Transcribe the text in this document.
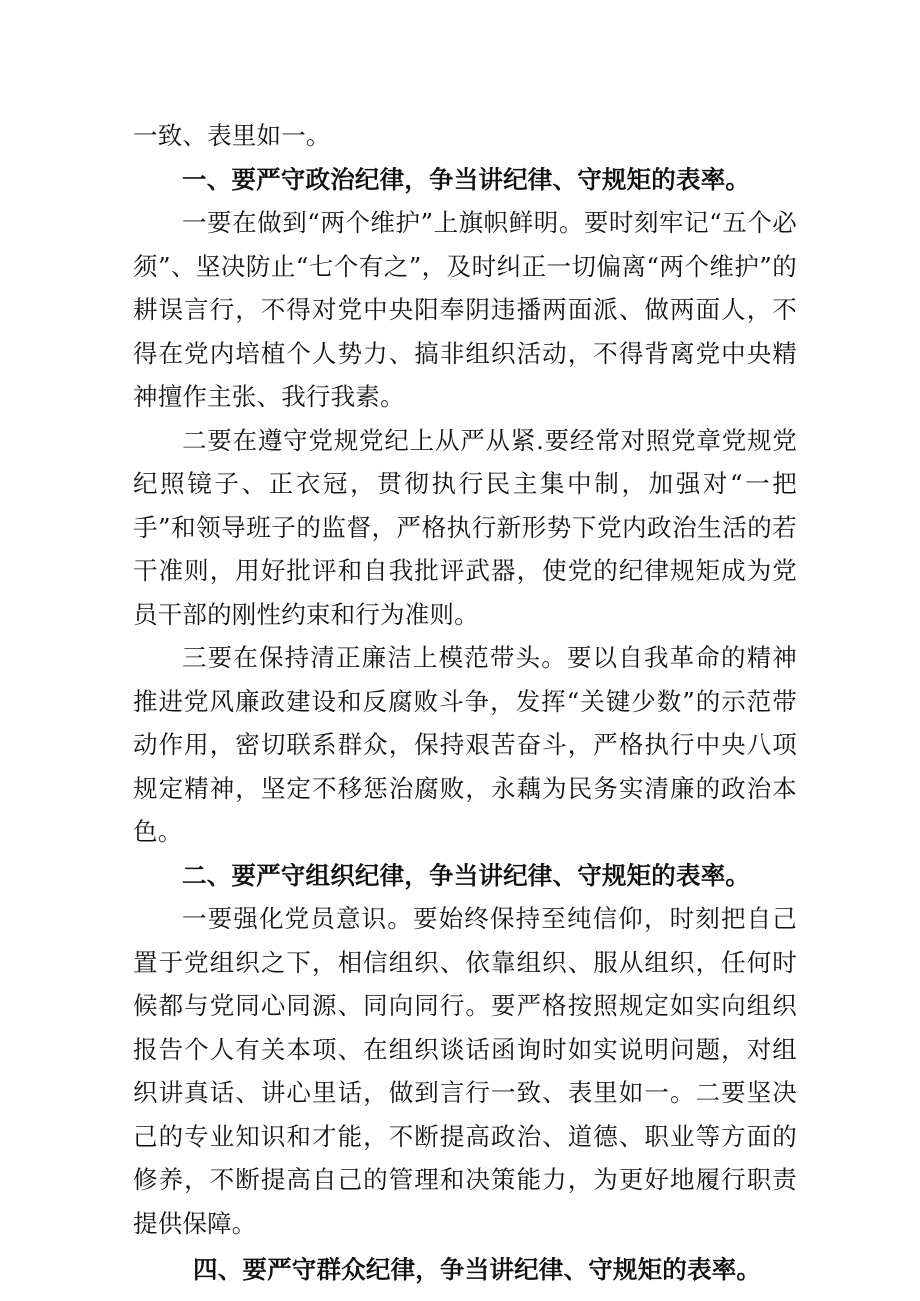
一致、表里如一。

一、要严守政治纪律，争当讲纪律、守规矩的表率。

一要在做到“两个维护”上旗帜鲜明。要时刻牢记“五个必须”、坚决防止“七个有之”，及时纠正一切偏离“两个维护”的耕误言行，不得对党中央阳奉阴违播两面派、做两面人，不得在党内培植个人势力、搞非组织活动，不得背离党中央精神擅作主张、我行我素。

二要在遵守党规党纪上从严从紧.要经常对照党章党规党纪照镜子、正衣冠，贯彻执行民主集中制，加强对“一把手”和领导班子的监督，严格执行新形势下党内政治生活的若干准则，用好批评和自我批评武器，使党的纪律规矩成为党员干部的刚性约束和行为准则。

三要在保持清正廉洁上模范带头。要以自我革命的精神推进党风廉政建设和反腐败斗争，发挥“关键少数”的示范带动作用，密切联系群众，保持艰苦奋斗，严格执行中央八项规定精神，坚定不移惩治腐败，永藕为民务实清廉的政治本色。

二、要严守组织纪律，争当讲纪律、守规矩的表率。

一要强化党员意识。要始终保持至纯信仰，时刻把自己置于党组织之下，相信组织、依靠组织、服从组织，任何时候都与党同心同源、同向同行。要严格按照规定如实向组织报告个人有关本项、在组织谈话函询时如实说明问题，对组织讲真话、讲心里话，做到言行一致、表里如一。二要坚决己的专业知识和才能，不断提高政治、道德、职业等方面的修养，不断提高自己的管理和决策能力，为更好地履行职责提供保障。

四、要严守群众纪律，争当讲纪律、守规矩的表率。
